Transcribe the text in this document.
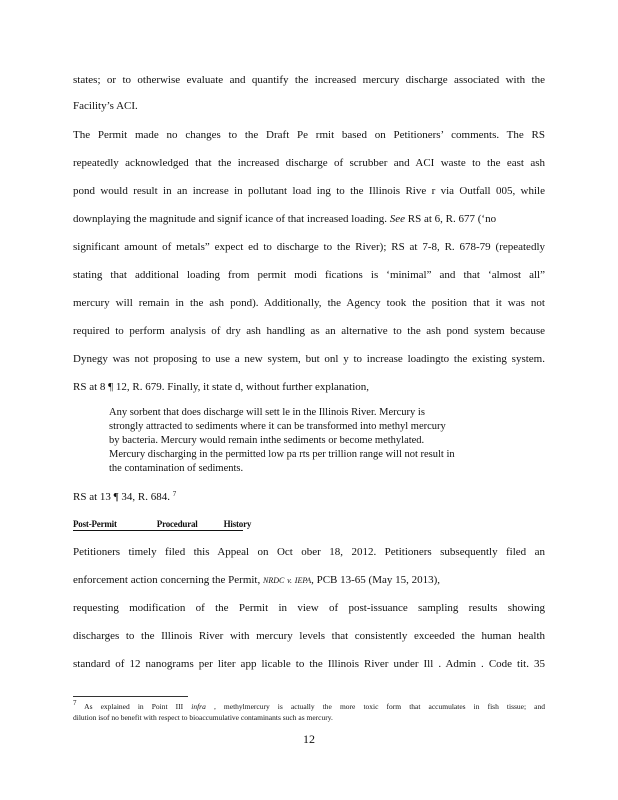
states; or to otherwise evaluate and quantify the increased mercury discharge associated with the
Facility’s ACI.
The Permit made no changes to the Draft Pe rmit based on Petitioners’ comments. The RS
repeatedly acknowledged that the increased discharge of scrubber and ACI waste to the east ash
pond would result in an increase in pollutant load ing to the Illinois Rive r via Outfall 005, while
downplaying the magnitude and signif icance of that increased loading. See RS at 6, R. 677 (‘no
significant amount of metals” expect ed to discharge to the River); RS at 7-8, R. 678-79 (repeatedly
stating that additional loading from permit modi fications is ‘minimal” and that ‘almost all”
mercury will remain in the ash pond). Additionally, the Agency took the position that it was not
required to perform analysis of dry ash handling as an alternative to the ash pond system because
Dynegy was not proposing to use a new system, but onl y to increase loadingto the existing system.
RS at 8 ¶ 12, R. 679. Finally, it state d, without further explanation,
Any sorbent that does discharge will sett le in the Illinois River. Mercury is
strongly attracted to sediments where it can be transformed into methyl mercury
by bacteria. Mercury would remain inthe sediments or become methylated.
Mercury discharging in the permitted low pa rts per trillion range will not result in
the contamination of sediments.
RS at 13 ¶ 34, R. 684. $^7$
Post-Permit	Procedural	History
Petitioners timely filed this Appeal on Oct ober 18, 2012. Petitioners subsequently filed an
enforcement action concerning the Permit, NRDC v. IEPA, PCB 13-65 (May 15, 2013),
requesting modification of the Permit in view of post-issuance sampling results showing
discharges to the Illinois River with mercury levels that consistently exceeded the human health
standard of 12 nanograms per liter app licable to the Illinois River under Ill . Admin . Code tit. 35
$^7$ As explained in Point III infra , methylmercury is actually the more toxic form that accumulates in fish tissue; and
dilution isof no benefit with respect to bioaccumulative contaminants such as mercury.
12
